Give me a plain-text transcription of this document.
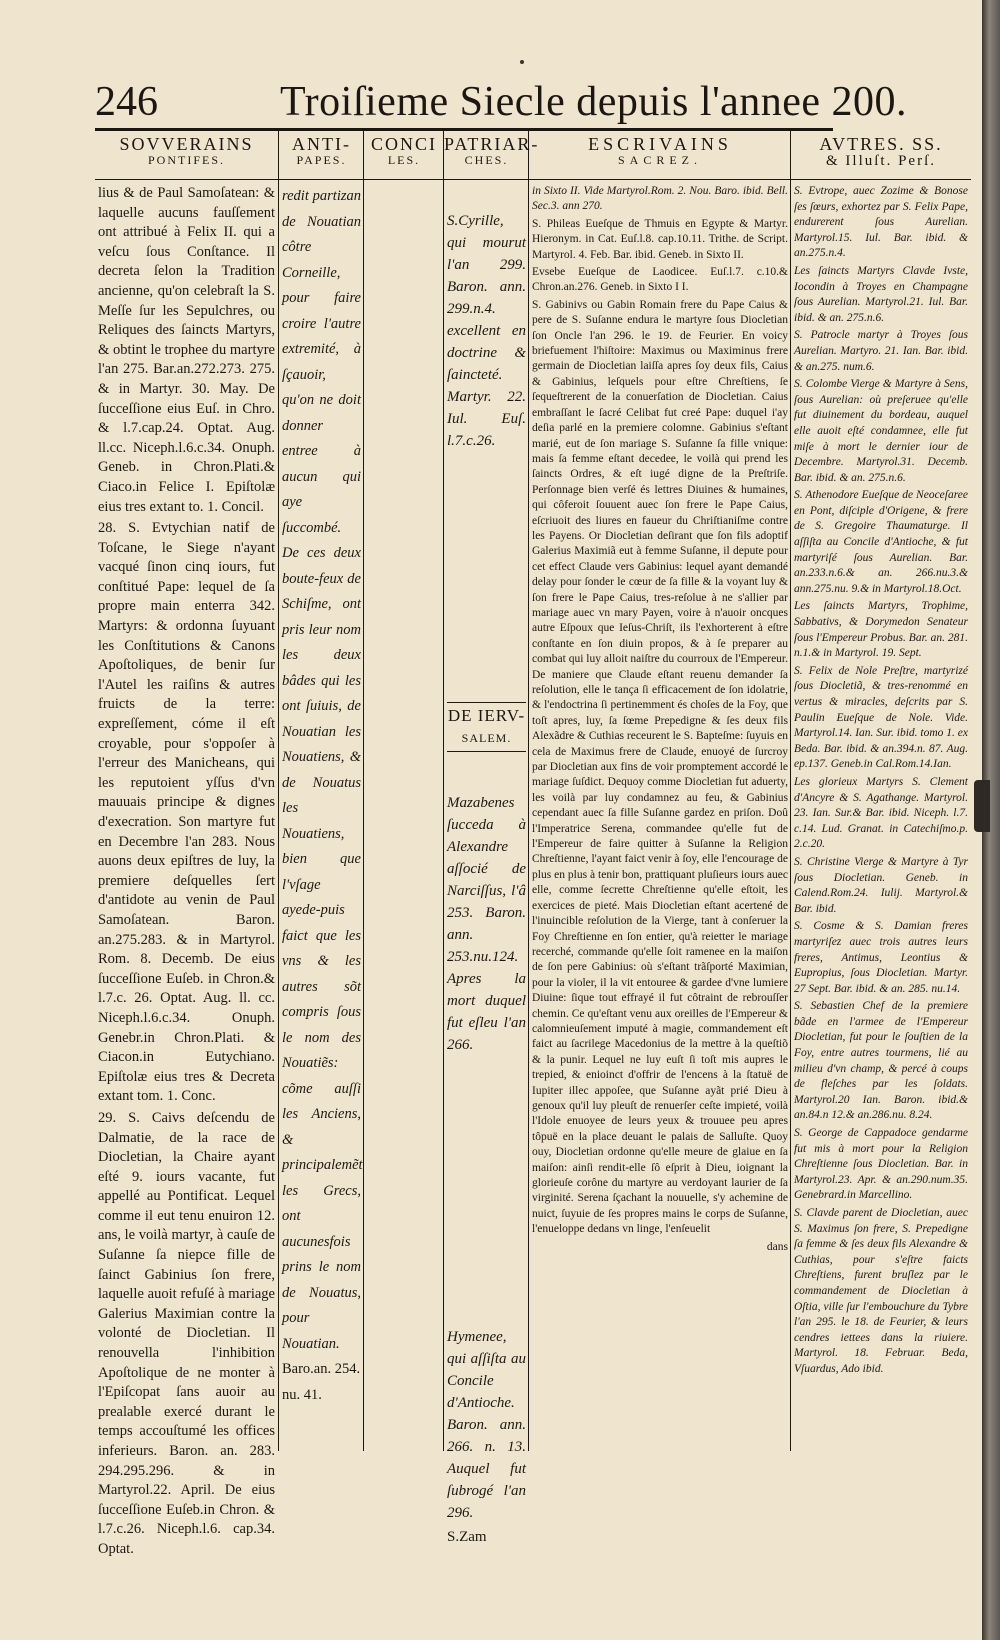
246	Troiſieme Siecle depuis l'annee 200.
SOVVERAINS
PONTIFES.

lius & de Paul Samoſatean: & laquelle aucuns fauſſement ont attribué à Felix II. qui a veſcu ſous Conſtance. Il decreta ſelon la Tradition ancienne, qu'on celebraſt la S. Meſſe ſur les Sepulchres, ou Reliques des ſaincts Martyrs, & obtint le trophee du martyre l'an 275. Bar.an.272.273. 275. & in Martyr. 30. May. De ſucceſſione eius Euſ. in Chro. & l.7.cap.24. Optat. Aug. ll.cc. Niceph.l.6.c.34. Onuph. Geneb. in Chron.Plati.& Ciaco.in Felice I. Epiſtolæ eius tres extant to. 1. Concil.

28. S. Evtychian natif de Toſcane, le Siege n'ayant vacqué ſinon cinq iours, fut conſtitué Pape: lequel de ſa propre main enterra 342. Martyrs: & ordonna ſuyuant les Conſtitutions & Canons Apoſtoliques, de benir ſur l'Autel les raiſins & autres fruicts de la terre: expreſſement, cóme il eſt croyable, pour s'oppoſer à l'erreur des Manicheans, qui les reputoient yſſus d'vn mauuais principe & dignes d'execration. Son martyre fut en Decembre l'an 283. Nous auons deux epiſtres de luy, la premiere deſquelles ſert d'antidote au venin de Paul Samoſatean. Baron. an.275.283. & in Martyrol. Rom. 8. Decemb. De eius ſucceſſione Euſeb. in Chron.& l.7.c. 26. Optat. Aug. ll. cc. Niceph.l.6.c.34. Onuph. Genebr.in Chron.Plati. & Ciacon.in Eutychiano. Epiſtolæ eius tres & Decreta extant tom. 1. Conc.

29. S. Caivs deſcendu de Dalmatie, de la race de Diocletian, la Chaire ayant eſté 9. iours vacante, fut appellé au Pontificat. Lequel comme il eut tenu enuiron 12. ans, le voilà martyr, à cauſe de Suſanne ſa niepce fille de ſainct Gabinius ſon frere, laquelle auoit refuſé à mariage Galerius Maximian contre la volonté de Diocletian. Il renouvella l'inhibition Apoſtolique de ne monter à l'Epiſcopat ſans auoir au prealable exercé durant le temps accouſtumé les offices inferieurs. Baron. an. 283. 294.295.296. & in Martyrol.22. April. De eius ſucceſſione Euſeb.in Chron. & l.7.c.26. Niceph.l.6. cap.34. Optat.

ANTI-
PAPES.
redit partizan de Nouatian côtre Corneille, pour faire croire l'autre extremité, à ſçauoir, qu'on ne doit donner entree à aucun qui aye ſuccombé. De ces deux boute-feux de Schiſme, ont pris leur nom les deux bâdes qui les ont ſuiuis, de Nouatian les Nouatiens, & de Nouatus les Nouatiens, bien que l'vſage ayede-puis faict que les vns & les autres sõt compris ſous le nom des Nouatiẽs: cõme auſſi les Anciens, & principalemẽt les Grecs, ont aucunesfois prins le nom de Nouatus, pour Nouatian.
Baro.an. 254. nu. 41.
CONCI
LES.
PATRIAR-
CHES.

S.Cyrille, qui mourut l'an 299. Baron. ann. 299.n.4. excellent en doctrine & ſaincteté. Martyr. 22. Iul. Euſ. l.7.c.26.

DE IERV-
SALEM.

Mazabenes ſucceda à Alexandre aſſocié de Narciſſus, l'â 253. Baron. ann. 253.nu.124. Apres la mort duquel fut eſleu l'an 266.

Hymenee, qui aſſiſta au Concile d'Antioche. Baron. ann. 266. n. 13. Auquel fut ſubrogé l'an 296.

S.Zam

ESCRIVAINS
SACREZ.

in Sixto II. Vide Martyrol.Rom. 2. Nou. Baro. ibid. Bell. Sec.3. ann 270.

S. Phileas Eueſque de Thmuis en Egypte & Martyr. Hieronym. in Cat. Euſ.l.8. cap.10.11. Trithe. de Script. Martyrol. 4. Feb. Bar. ibid. Geneb. in Sixto II.

Evsebe Eueſque de Laodicee. Euſ.l.7. c.10.& Chron.an.276. Geneb. in Sixto I I.

S. Gabinivs ou Gabin Romain frere du Pape Caius & pere de S. Suſanne endura le martyre ſous Diocletian ſon Oncle l'an 296. le 19. de Feurier. En voicy briefuement l'hiſtoire: Maximus ou Maximinus frere germain de Diocletian laiſſa apres ſoy deux fils, Caius & Gabinius, leſquels pour eſtre Chreſtiens, ſe ſequeſtrerent de la conuerſation de Diocletian. Caius embraſſant le ſacré Celibat fut creé Pape: duquel i'ay deſia parlé en la premiere colomne. Gabinius s'eſtant marié, eut de ſon mariage S. Suſanne ſa fille vnique: mais ſa femme eſtant decedee, le voilà qui prend les ſaincts Ordres, & eſt iugé digne de la Preſtriſe. Perſonnage bien verſé és lettres Diuines & humaines, qui côferoit ſouuent auec ſon frere le Pape Caius, eſcriuoit des liures en faueur du Chriſtianiſme contre les Payens. Or Diocletian deſirant que ſon fils adoptif Galerius Maximiã eut à femme Suſanne, il depute pour cet effect Claude vers Gabinius: lequel ayant demandé delay pour ſonder le cœur de ſa fille & la voyant luy & ſon frere le Pape Caius, tres-reſolue à ne s'allier par mariage auec vn mary Payen, voire à n'auoir oncques autre Eſpoux que Ieſus-Chriſt, ils l'exhorterent à eſtre conſtante en ſon diuin propos, & à ſe preparer au combat qui luy alloit naiſtre du courroux de l'Empereur. De maniere que Claude eſtant reuenu demander ſa reſolution, elle le tança ſi efficacement de ſon idolatrie, & l'endoctrina ſi pertinemment és choſes de la Foy, que toſt apres, luy, ſa ſœme Prepedigne & ſes deux fils Alexãdre & Cuthias receurent le S. Bapteſme: ſuyuis en cela de Maximus frere de Claude, enuoyé de ſurcroy par Diocletian aux fins de voir promptement accordé le mariage ſuſdict. Dequoy comme Diocletian fut aduerty, les voilà par luy condamnez au feu, & Gabinius cependant auec ſa fille Suſanne gardez en priſon. Doû l'Imperatrice Serena, commandee qu'elle fut de l'Empereur de faire quitter à Suſanne la Religion Chreſtienne, l'ayant faict venir à ſoy, elle l'encourage de plus en plus à tenir bon, prattiquant pluſieurs iours auec elle, comme ſecrette Chreſtienne qu'elle eſtoit, les exercices de pieté. Mais Diocletian eſtant acertené de l'inuincible reſolution de la Vierge, tant à conſeruer la Foy Chreſtienne en ſon entier, qu'à reietter le mariage recerché, commande qu'elle ſoit ramenee en la maiſon de ſon pere Gabinius: où s'eſtant trãſporté Maximian, pour la violer, il la vit entouree & gardee d'vne lumiere Diuine: ſique tout effrayé il fut côtraint de rebrouſſer chemin. Ce qu'eſtant venu aux oreilles de l'Empereur & calomnieuſement imputé à magie, commandement eſt faict au ſacrilege Macedonius de la mettre à la queſtiõ & la punir. Lequel ne luy euſt ſi toſt mis aupres le trepied, & enioinct d'offrir de l'encens à la ſtatuë de Iupiter illec appoſee, que Suſanne ayãt prié Dieu à genoux qu'il luy pleuſt de renuerſer ceſte impieté, voilà l'Idole enuoyee de leurs yeux & trouuee peu apres tôpuë en la place deuant le palais de Salluſte. Quoy ouy, Diocletian ordonne qu'elle meure de glaiue en ſa maiſon: ainſi rendit-elle ſô eſprit à Dieu, ioignant la glorieuſe corône du martyre au verdoyant laurier de ſa virginité. Serena ſçachant la nouuelle, s'y achemine de nuict, ſuyuie de ſes propres mains le corps de Suſanne, l'enueloppe dedans vn linge, l'enſeuelit

dans

AVTRES. SS.
& Illuſt. Perſ.

S. Evtrope, auec Zozime & Bonose ſes ſœurs, exhortez par S. Felix Pape, endurerent ſous Aurelian. Martyrol.15. Iul. Bar. ibid. & an.275.n.4.

Les ſaincts Martyrs Clavde Ivste, Iocondin à Troyes en Champagne ſous Aurelian. Martyrol.21. Iul. Bar. ibid. & an. 275.n.6.

S. Patrocle martyr à Troyes ſous Aurelian. Martyro. 21. Ian. Bar. ibid. & an.275. num.6.

S. Colombe Vierge & Martyre à Sens, ſous Aurelian: où preſeruee qu'elle fut diuinement du bordeau, auquel elle auoit eſté condamnee, elle fut miſe à mort le dernier iour de Decembre. Martyrol.31. Decemb. Bar. ibid. & an. 275.n.6.

S. Athenodore Eueſque de Neoceſaree en Pont, diſciple d'Origene, & frere de S. Gregoire Thaumaturge. Il aſſiſta au Concile d'Antioche, & fut martyriſé ſous Aurelian. Bar. an.233.n.6.& an. 266.nu.3.& ann.275.nu. 9.& in Martyrol.18.Oct.

Les ſaincts Martyrs, Trophime, Sabbativs, & Dorymedon Senateur ſous l'Empereur Probus. Bar. an. 281. n.1.& in Martyrol. 19. Sept.

S. Felix de Nole Preſtre, martyrizé ſous Diocletiã, & tres-renommé en vertus & miracles, deſcrits par S. Paulin Eueſque de Nole. Vide. Martyrol.14. Ian. Sur. ibid. tomo 1. ex Beda. Bar. ibid. & an.394.n. 87. Aug. ep.137. Geneb.in Cal.Rom.14.Ian.

Les glorieux Martyrs S. Clement d'Ancyre & S. Agathange. Martyrol. 23. Ian. Sur.& Bar. ibid. Niceph. l.7. c.14. Lud. Granat. in Catechiſmo.p. 2.c.20.

S. Christine Vierge & Martyre à Tyr ſous Diocletian. Geneb. in Calend.Rom.24. Iulij. Martyrol.& Bar. ibid.

S. Cosme & S. Damian freres martyriſez auec trois autres leurs freres, Antimus, Leontius & Eupropius, ſous Diocletian. Martyr. 27 Sept. Bar. ibid. & an. 285. nu.14.

S. Sebastien Chef de la premiere bãde en l'armee de l'Empereur Diocletian, fut pour le ſouſtien de la Foy, entre autres tourmens, lié au milieu d'vn champ, & percé à coups de fleſches par les ſoldats. Martyrol.20 Ian. Baron. ibid.& an.84.n 12.& an.286.nu. 8.24.

S. George de Cappadoce gendarme fut mis à mort pour la Religion Chreſtienne ſous Diocletian. Bar. in Martyrol.23. Apr. & an.290.num.35. Genebrard.in Marcellino.

S. Clavde parent de Diocletian, auec S. Maximus ſon frere, S. Prepedigne ſa femme & ſes deux fils Alexandre & Cuthias, pour s'eſtre faicts Chreſtiens, furent bruſlez par le commandement de Diocletian à Oſtia, ville ſur l'embouchure du Tybre l'an 295. le 18. de Feurier, & leurs cendres iettees dans la riuiere. Martyrol. 18. Februar. Beda, Vſuardus, Ado ibid.
